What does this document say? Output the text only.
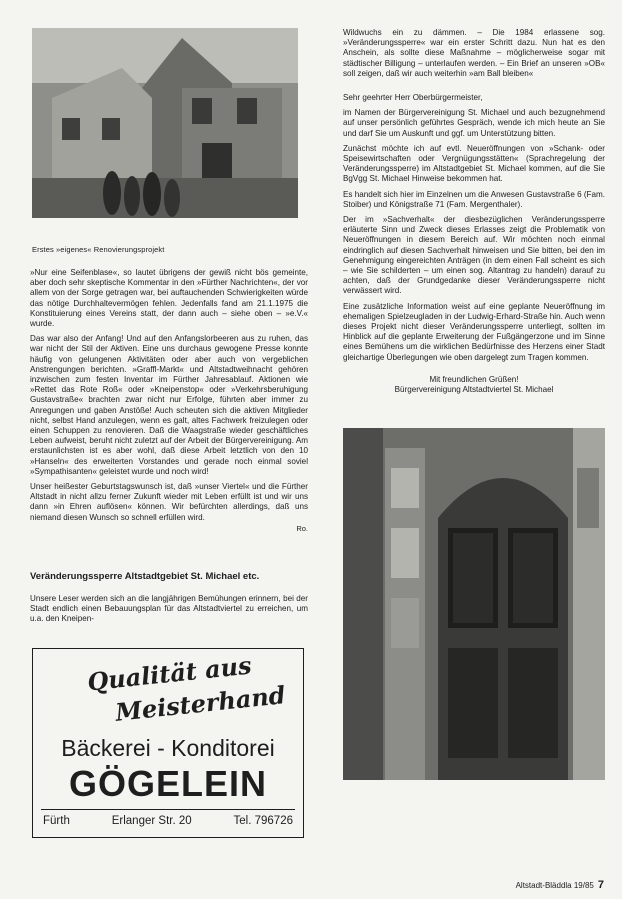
Erstes »eigenes« Renovierungsprojekt

»Nur eine Seifenblase«, so lautet übrigens der gewiß nicht bös gemeinte, aber doch sehr skeptische Kommentar in den »Fürther Nachrichten«, der vor allem von der Sorge getragen war, bei auftauchenden Schwierigkeiten würde das nötige Durchhaltevermögen fehlen. Jedenfalls fand am 21.1.1975 die Konstituierung eines Vereins statt, der dann auch – siehe oben – »e.V.« wurde.

Das war also der Anfang! Und auf den Anfangslorbeeren aus zu ruhen, das war nicht der Stil der Aktiven. Eine uns durchaus gewogene Presse konnte häufig von gelungenen Aktivitäten oder aber auch von vergeblichen Anstrengungen berichten. »Graffl-Markt« und Altstadtweihnacht gehören inzwischen zum festen Inventar im Fürther Jahresablauf. Aktionen wie »Rettet das Rote Roß« oder »Kneipenstop« oder »Verkehrsberuhigung Gustavstraße« brachten zwar nicht nur Erfolge, führten aber immer zu Anregungen und gaben Anstöße! Auch scheuten sich die aktiven Mitglieder nicht, selbst Hand anzulegen, wenn es galt, altes Fachwerk freizulegen oder einen Schuppen zu renovieren. Daß die Waagstraße wieder geschäftliches Leben aufweist, beruht nicht zuletzt auf der Arbeit der Bürgervereinigung. Am erstaunlichsten ist es aber wohl, daß diese Arbeit letztlich von den 10 »Hanseln« des erweiterten Vorstandes und gerade noch einmal soviel »Sympathisanten« geleistet wurde und noch wird!

Unser heißester Geburtstagswunsch ist, daß »unser Viertel« und die Fürther Altstadt in nicht allzu ferner Zukunft wieder mit Leben erfüllt ist und wir uns dann »in Ehren auflösen« können. Wir befürchten allerdings, daß uns niemand diesen Wunsch so schnell erfüllen wird.

Ro.
Veränderungssperre Altstadtgebiet St. Michael etc.

Unsere Leser werden sich an die langjährigen Bemühungen erinnern, bei der Stadt endlich einen Bebauungsplan für das Altstadtviertel zu erreichen, um u.a. den Kneipen-

Qualität aus
Meisterhand
Bäckerei - Konditorei
GÖGELEIN
Fürth	Erlanger Str. 20	Tel. 796726

Wildwuchs ein zu dämmen. – Die 1984 erlassene sog. »Veränderungssperre« war ein erster Schritt dazu. Nun hat es den Anschein, als sollte diese Maßnahme – möglicherweise sogar mit städtischer Billigung – unterlaufen werden. – Ein Brief an unseren »OB« soll zeigen, daß wir auch weiterhin »am Ball bleiben«

Sehr geehrter Herr Oberbürgermeister,

im Namen der Bürgervereinigung St. Michael und auch bezugnehmend auf unser persönlich geführtes Gespräch, wende ich mich heute an Sie und darf Sie um Auskunft und ggf. um Unterstützung bitten.

Zunächst möchte ich auf evtl. Neueröffnungen von »Schank- oder Speisewirtschaften oder Vergnügungsstätten« (Sprachregelung der Veränderungssperre) im Altstadtgebiet St. Michael kommen, auf die Sie BgVgg St. Michael Hinweise bekommen hat.

Es handelt sich hier im Einzelnen um die Anwesen Gustavstraße 6 (Fam. Stoiber) und Königstraße 71 (Fam. Mergenthaler).

Der im »Sachverhalt« der diesbezüglichen Veränderungssperre erläuterte Sinn und Zweck dieses Erlasses zeigt die Problematik von Neueröffnungen in diesem Bereich auf. Wir möchten noch einmal eindringlich auf diesen Sachverhalt hinweisen und Sie bitten, bei den im Genehmigung eingereichten Anträgen (in dem einen Fall scheint es sich – wie Sie schilderten – um einen sog. Altantrag zu handeln) darauf zu achten, daß der Grundgedanke dieser Veränderungssperre nicht verwässert wird.

Eine zusätzliche Information weist auf eine geplante Neueröffnung im ehemaligen Spielzeugladen in der Ludwig-Erhard-Straße hin. Auch wenn dieses Projekt nicht dieser Veränderungssperre unterliegt, sollten im Hinblick auf die geplante Erweiterung der Fußgängerzone und im Sinne eines Bemühens um die wirklichen Bedürfnisse des Herzens einer Stadt gleichartige Überlegungen wie oben dargelegt zum Tragen kommen.

Mit freundlichen Grüßen!
Bürgervereinigung Altstadtviertel St. Michael
Altstadt-Bläddla 19/85 7
